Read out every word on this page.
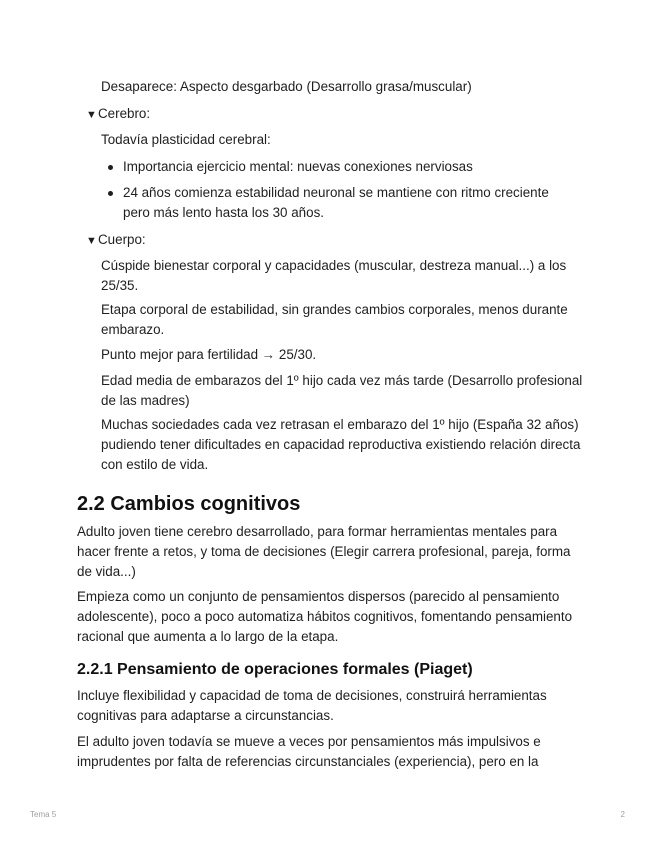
Desaparece: Aspecto desgarbado (Desarrollo grasa/muscular)

▼Cerebro:

Todavía plasticidad cerebral:

Importancia ejercicio mental: nuevas conexiones nerviosas
24 años comienza estabilidad neuronal se mantiene con ritmo creciente pero más lento hasta los 30 años.
▼Cuerpo:

Cúspide bienestar corporal y capacidades (muscular, destreza manual...) a los 25/35.

Etapa corporal de estabilidad, sin grandes cambios corporales, menos durante embarazo.

Punto mejor para fertilidad → 25/30.

Edad media de embarazos del 1º hijo cada vez más tarde (Desarrollo profesional de las madres)

Muchas sociedades cada vez retrasan el embarazo del 1º hijo (España 32 años) pudiendo tener dificultades en capacidad reproductiva existiendo relación directa con estilo de vida.

2.2 Cambios cognitivos

Adulto joven tiene cerebro desarrollado, para formar herramientas mentales para hacer frente a retos, y toma de decisiones (Elegir carrera profesional, pareja, forma de vida...)

Empieza como un conjunto de pensamientos dispersos (parecido al pensamiento adolescente), poco a poco automatiza hábitos cognitivos, fomentando pensamiento racional que aumenta a lo largo de la etapa.

2.2.1 Pensamiento de operaciones formales (Piaget)

Incluye flexibilidad y capacidad de toma de decisiones, construirá herramientas cognitivas para adaptarse a circunstancias.

El adulto joven todavía se mueve a veces por pensamientos más impulsivos e imprudentes por falta de referencias circunstanciales (experiencia), pero en la

Tema 5	2
